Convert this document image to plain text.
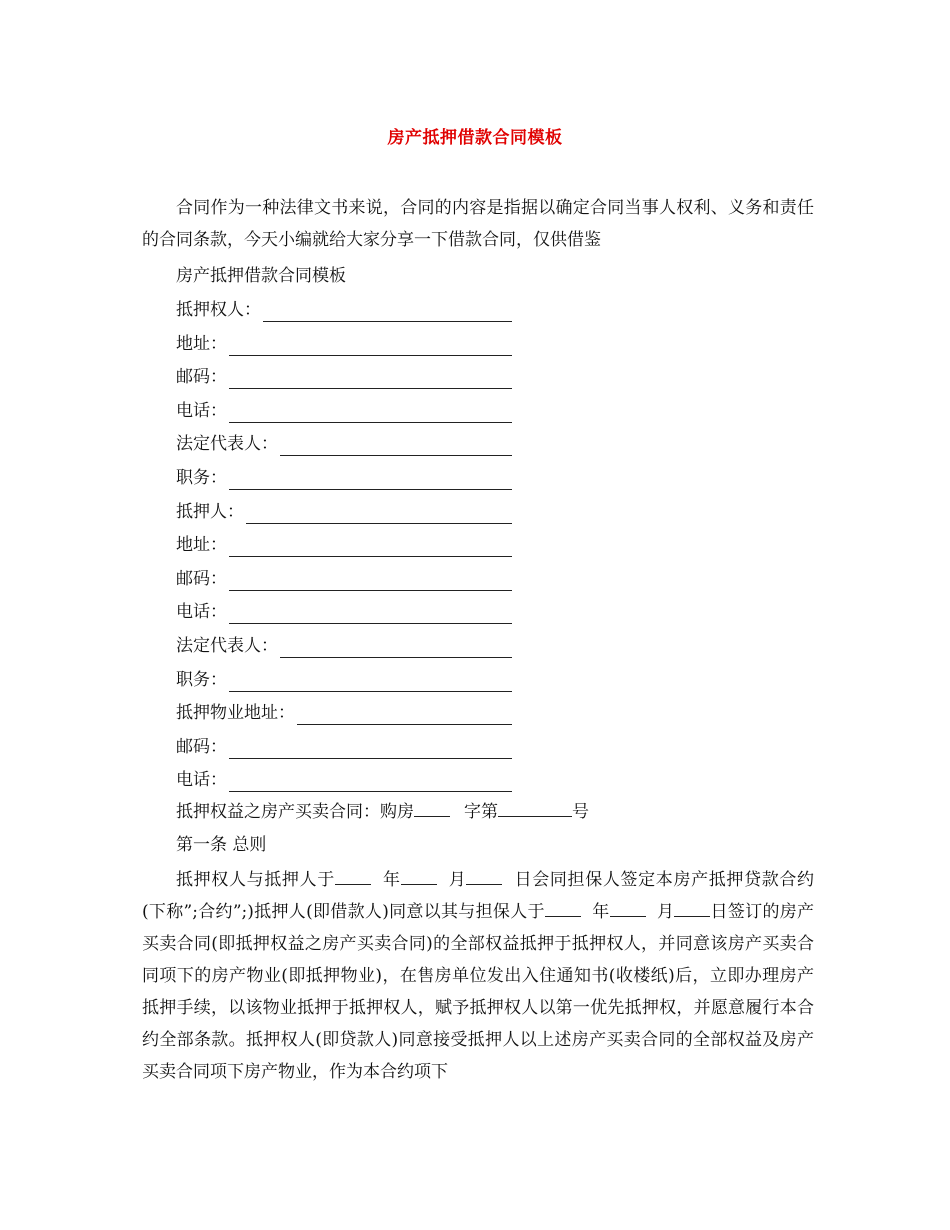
房产抵押借款合同模板

合同作为一种法律文书来说，合同的内容是指据以确定合同当事人权利、义务和责任的合同条款，今天小编就给大家分享一下借款合同，仅供借鉴

房产抵押借款合同模板
抵押权人：
地址：
邮码：
电话：
法定代表人：
职务：
抵押人：
地址：
邮码：
电话：
法定代表人：
职务：
抵押物业地址：
邮码：
电话：
抵押权益之房产买卖合同：购房	字第	号
第一条 总则

抵押权人与抵押人于	年	月	日会同担保人签定本房产抵押贷款合约(下称”;合约”;)抵押人(即借款人)同意以其与担保人于	年	月 日签订的房产买卖合同(即抵押权益之房产买卖合同)的全部权益抵押于抵押权人，并同意该房产买卖合同项下的房产物业(即抵押物业)，在售房单位发出入住通知书(收楼纸)后，立即办理房产抵押手续，以该物业抵押于抵押权人，赋予抵押权人以第一优先抵押权，并愿意履行本合约全部条款。抵押权人(即贷款人)同意接受抵押人以上述房产买卖合同的全部权益及房产买卖合同项下房产物业，作为本合约项下
